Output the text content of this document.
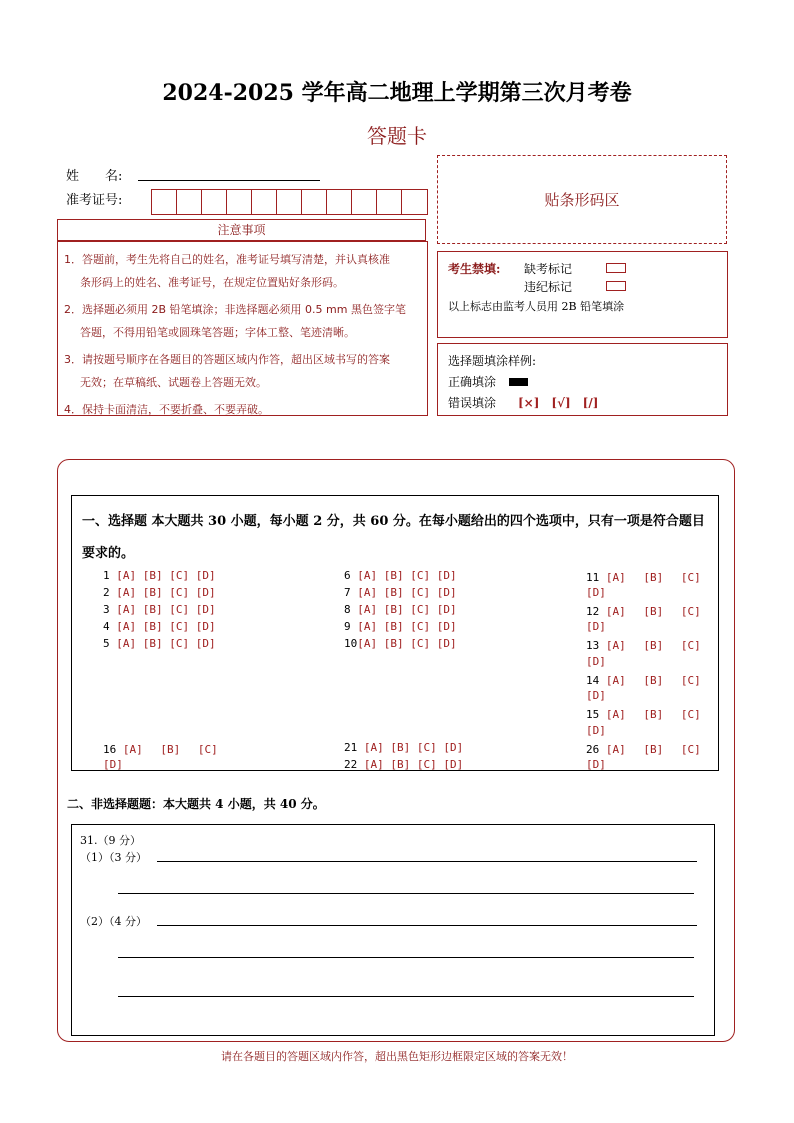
2024-2025 学年高二地理上学期第三次月考卷
答题卡
姓　　名:
准考证号:	贴条形码区
注意事项

1．答题前，考生先将自己的姓名，准考证号填写清楚，并认真核准
条形码上的姓名、准考证号，在规定位置贴好条形码。

2．选择题必须用 2B 铅笔填涂；非选择题必须用 0.5 mm 黑色签字笔
答题，不得用铅笔或圆珠笔答题；字体工整、笔迹清晰。

3．请按题号顺序在各题目的答题区域内作答，超出区域书写的答案
无效；在草稿纸、试题卷上答题无效。

4．保持卡面清洁，不要折叠、不要弄破。

考生禁填: 缺考标记
违纪标记
以上标志由监考人员用 2B 铅笔填涂
选择题填涂样例:
正确填涂
错误填涂 [×]　[√]　[/]
一、选择题 本大题共 30 小题，每小题 2 分，共 60 分。在每小题给出的四个选项中，只有一项是符合题目要求的。
1 [A] [B] [C] [D]
2 [A] [B] [C] [D]
3 [A] [B] [C] [D]
4 [A] [B] [C] [D]
5 [A] [B] [C] [D]
6 [A] [B] [C] [D]
7 [A] [B] [C] [D]
8 [A] [B] [C] [D]
9 [A] [B] [C] [D]
10[A] [B] [C] [D]
11 [A]　 [B]　 [C]
[D]
12 [A]　 [B]　 [C]
[D]
13 [A]　 [B]　 [C]
[D]
14 [A]　 [B]　 [C]
[D]
15 [A]　 [B]　 [C]
[D]
16 [A]　 [B]　 [C]
[D]
21 [A] [B] [C] [D]
22 [A] [B] [C] [D]
26 [A]　 [B]　 [C]
[D]
二、非选择题题：本大题共 4 小题，共 40 分。
31.（9 分）
（1）（3 分）
（2）（4 分）
请在各题目的答题区域内作答，超出黑色矩形边框限定区域的答案无效！
